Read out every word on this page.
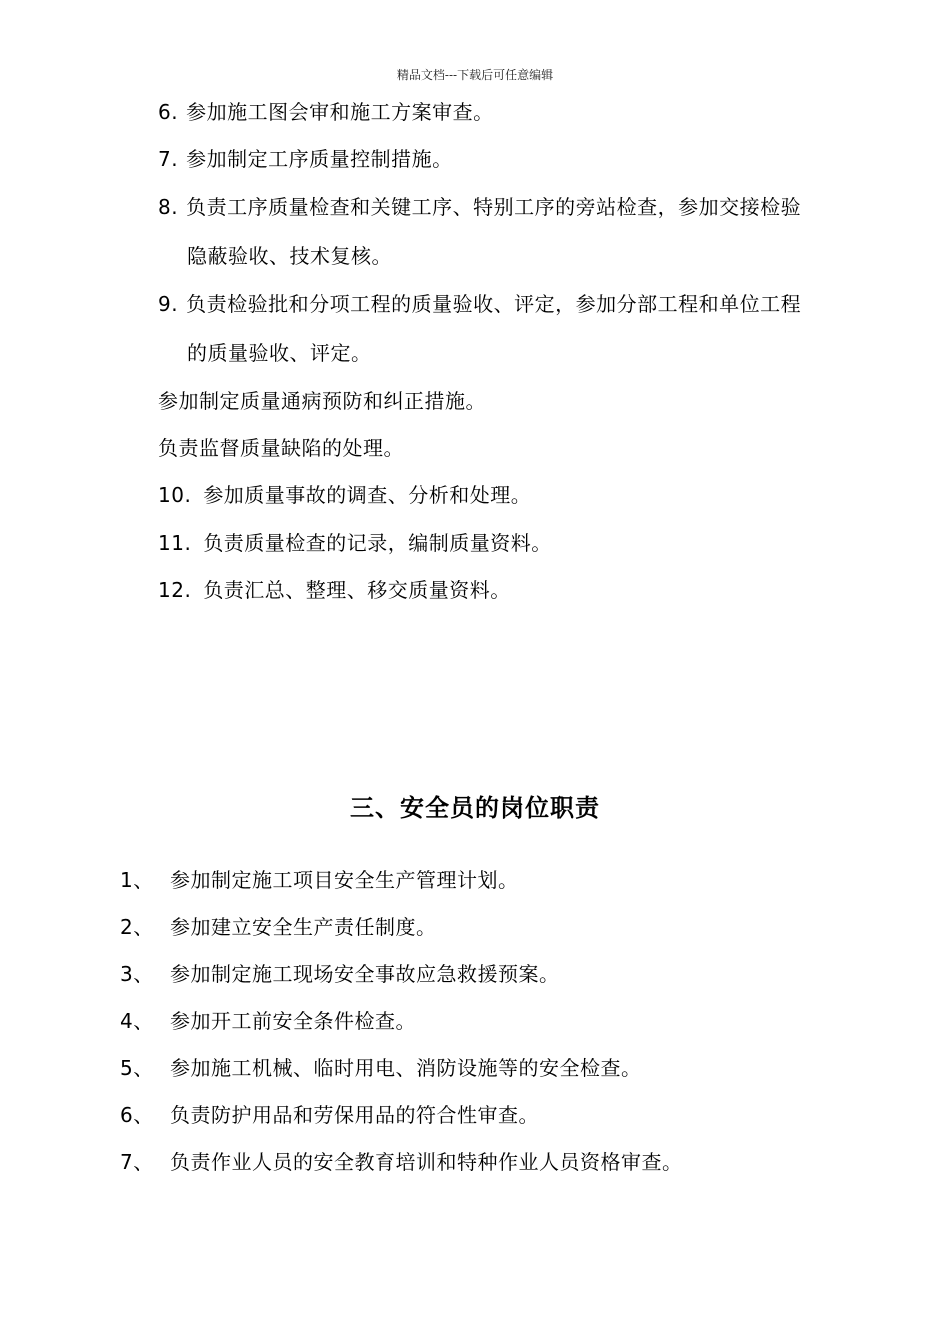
精品文档---下载后可任意编辑
6. 参加施工图会审和施工方案审查。
7. 参加制定工序质量控制措施。
8. 负责工序质量检查和关键工序、特别工序的旁站检查，参加交接检验
隐蔽验收、技术复核。
9. 负责检验批和分项工程的质量验收、评定，参加分部工程和单位工程
的质量验收、评定。
参加制定质量通病预防和纠正措施。
负责监督质量缺陷的处理。
10. 参加质量事故的调查、分析和处理。
11. 负责质量检查的记录，编制质量资料。
12. 负责汇总、整理、移交质量资料。
三、安全员的岗位职责
1、 参加制定施工项目安全生产管理计划。
2、 参加建立安全生产责任制度。
3、 参加制定施工现场安全事故应急救援预案。
4、 参加开工前安全条件检查。
5、 参加施工机械、临时用电、消防设施等的安全检查。
6、 负责防护用品和劳保用品的符合性审查。
7、 负责作业人员的安全教育培训和特种作业人员资格审查。
